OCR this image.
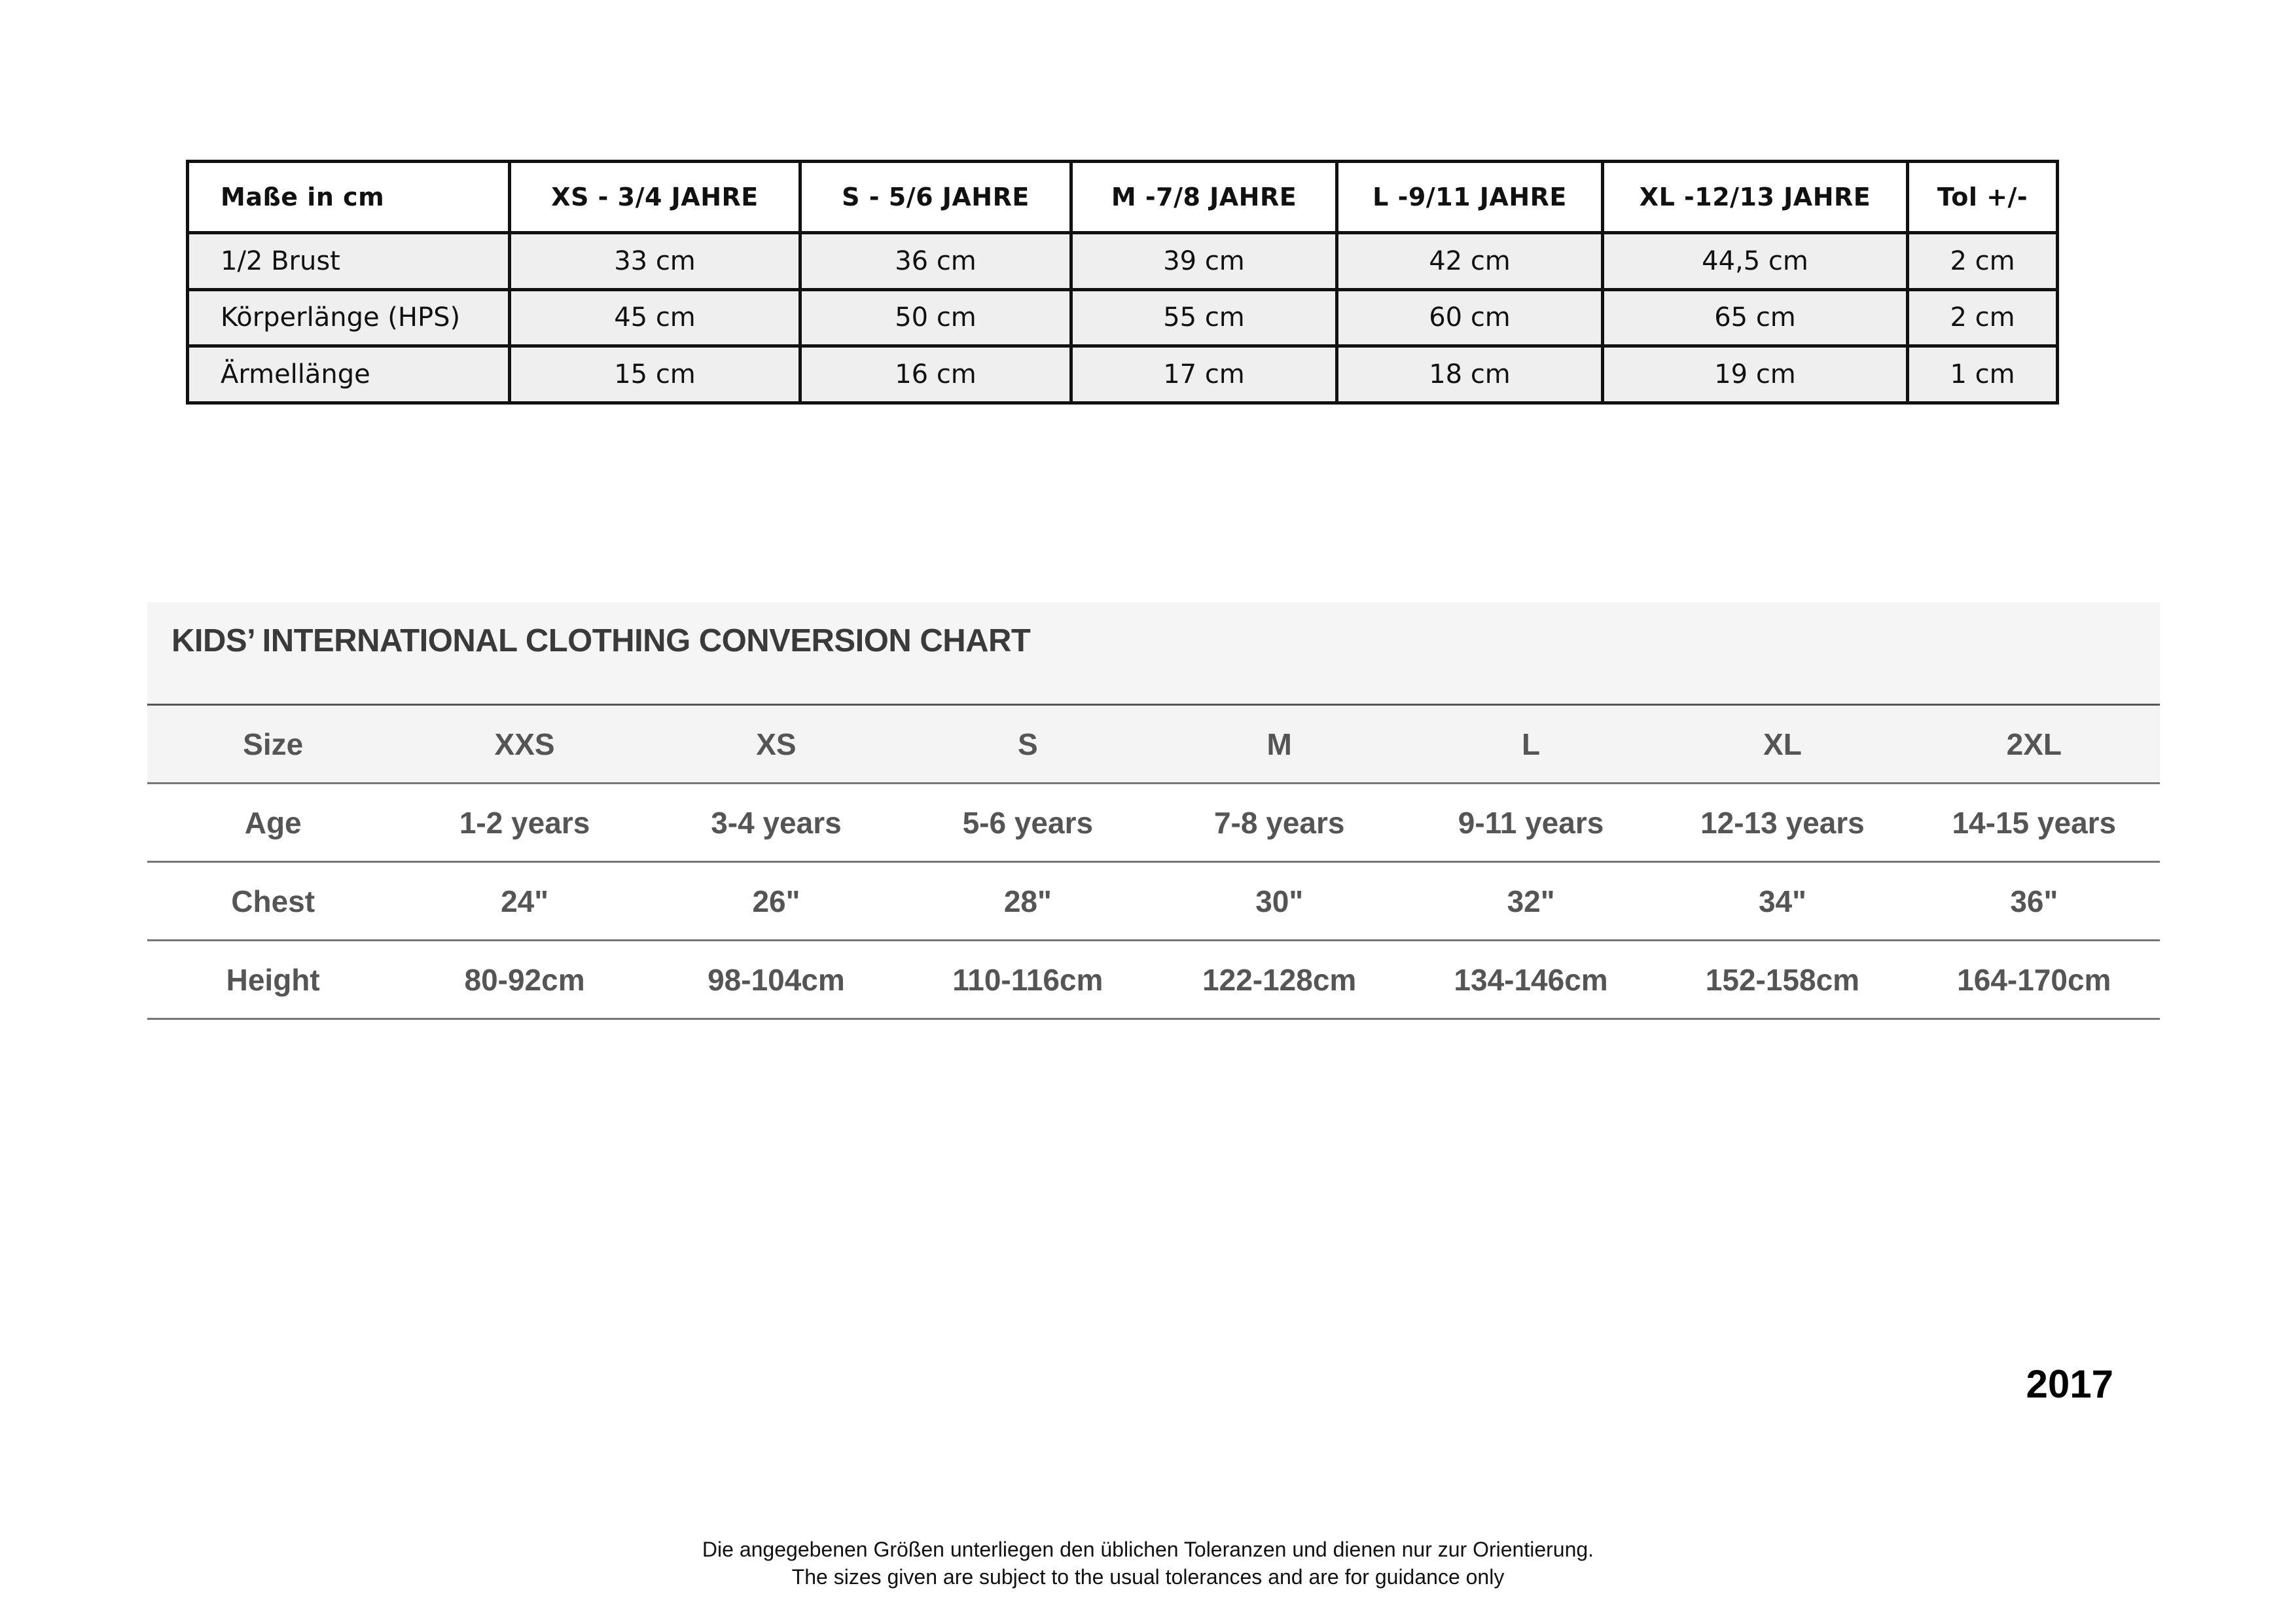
Maße in cm	XS - 3/4 JAHRE	S - 5/6 JAHRE	M -7/8 JAHRE	L -9/11 JAHRE	XL -12/13 JAHRE	Tol +/-
1/2 Brust	33 cm	36 cm	39 cm	42 cm	44,5 cm	2 cm
Körperlänge (HPS)	45 cm	50 cm	55 cm	60 cm	65 cm	2 cm
Ärmellänge	15 cm	16 cm	17 cm	18 cm	19 cm	1 cm
KIDS’ INTERNATIONAL CLOTHING CONVERSION CHART
Size	XXS	XS	S	M	L	XL	2XL
Age	1-2 years	3-4 years	5-6 years	7-8 years	9-11 years	12-13 years	14-15 years
Chest	24"	26"	28"	30"	32"	34"	36"
Height	80-92cm	98-104cm	110-116cm	122-128cm	134-146cm	152-158cm	164-170cm
2017
Die angegebenen Größen unterliegen den üblichen Toleranzen und dienen nur zur Orientierung.
The sizes given are subject to the usual tolerances and are for guidance only
